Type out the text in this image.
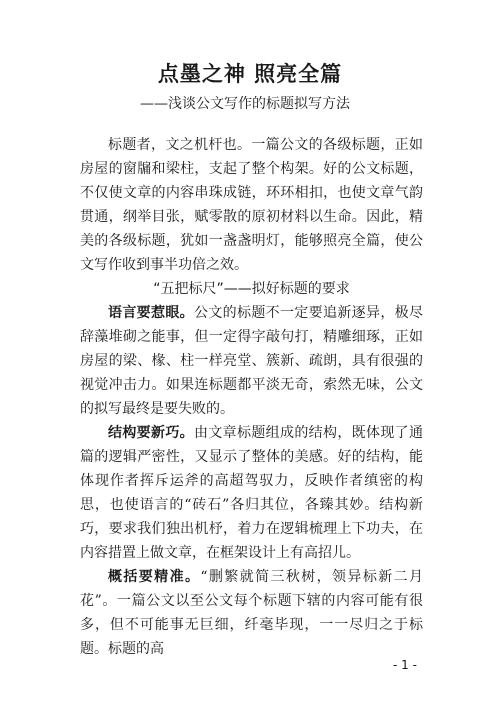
点墨之神 照亮全篇
——浅谈公文写作的标题拟写方法

标题者，文之机杆也。一篇公文的各级标题，正如房屋的窗牖和梁柱，支起了整个构架。好的公文标题，不仅使文章的内容串珠成链，环环相扣，也使文章气韵贯通，纲举目张，赋零散的原初材料以生命。因此，精美的各级标题，犹如一盏盏明灯，能够照亮全篇，使公文写作收到事半功倍之效。

“五把标尺”——拟好标题的要求

语言要惹眼。公文的标题不一定要追新逐异，极尽辞藻堆砌之能事，但一定得字敲句打，精雕细琢，正如房屋的梁、椽、柱一样亮堂、簇新、疏朗，具有很强的视觉冲击力。如果连标题都平淡无奇，索然无味，公文的拟写最终是要失败的。

结构要新巧。由文章标题组成的结构，既体现了通篇的逻辑严密性，又显示了整体的美感。好的结构，能体现作者挥斥运斧的高超驾驭力，反映作者缜密的构思，也使语言的“砖石”各归其位，各臻其妙。结构新巧，要求我们独出机杼，着力在逻辑梳理上下功夫，在内容措置上做文章，在框架设计上有高招儿。

概括要精准。“删繁就简三秋树，领异标新二月花”。一篇公文以至公文每个标题下辖的内容可能有很多，但不可能事无巨细，纤毫毕现，一一尽归之于标题。标题的高

- 1 -
